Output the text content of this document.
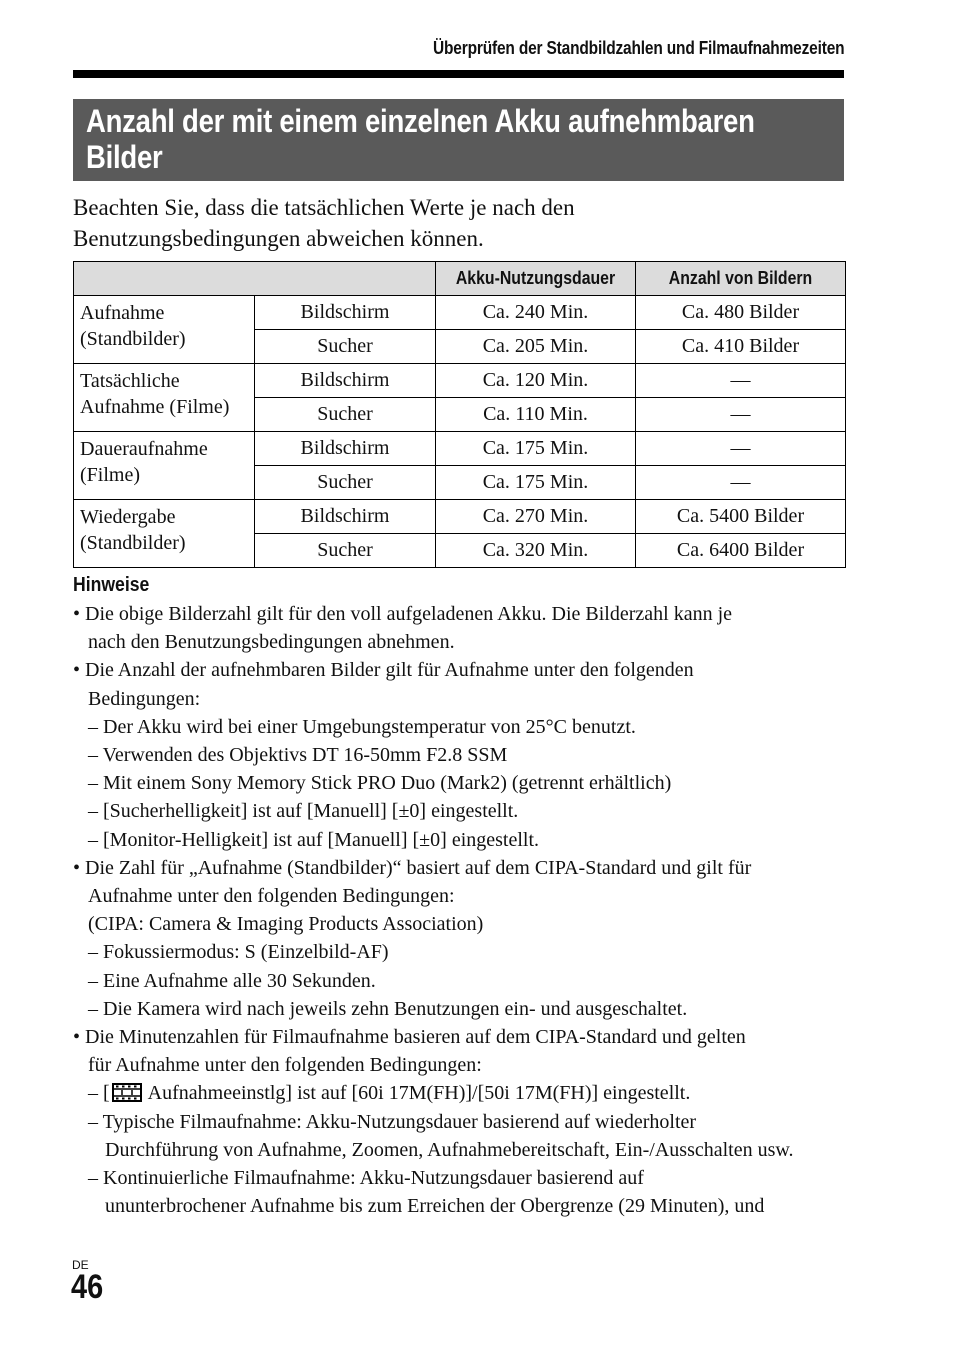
Überprüfen der Standbildzahlen und Filmaufnahmezeiten
Anzahl der mit einem einzelnen Akku aufnehmbaren
Bilder
Beachten Sie, dass die tatsächlichen Werte je nach den
Benutzungsbedingungen abweichen können.
		Akku-Nutzungsdauer	Anzahl von Bildern

Aufnahme
(Standbilder)	Bildschirm	Ca. 240 Min.	Ca. 480 Bilder
	Sucher	Ca. 205 Min.	Ca. 410 Bilder

Tatsächliche
Aufnahme (Filme)	Bildschirm	Ca. 120 Min.	—
	Sucher	Ca. 110 Min.	—

Daueraufnahme
(Filme)	Bildschirm	Ca. 175 Min.	—
	Sucher	Ca. 175 Min.	—

Wiedergabe
(Standbilder)	Bildschirm	Ca. 270 Min.	Ca. 5400 Bilder
	Sucher	Ca. 320 Min.	Ca. 6400 Bilder
Hinweise
• Die obige Bilderzahl gilt für den voll aufgeladenen Akku. Die Bilderzahl kann je
nach den Benutzungsbedingungen abnehmen.
• Die Anzahl der aufnehmbaren Bilder gilt für Aufnahme unter den folgenden
Bedingungen:
– Der Akku wird bei einer Umgebungstemperatur von 25°C benutzt.
– Verwenden des Objektivs DT 16-50mm F2.8 SSM
– Mit einem Sony Memory Stick PRO Duo (Mark2) (getrennt erhältlich)
– [Sucherhelligkeit] ist auf [Manuell] [±0] eingestellt.
– [Monitor-Helligkeit] ist auf [Manuell] [±0] eingestellt.
• Die Zahl für „Aufnahme (Standbilder)“ basiert auf dem CIPA-Standard und gilt für
Aufnahme unter den folgenden Bedingungen:
(CIPA: Camera & Imaging Products Association)
– Fokussiermodus: S (Einzelbild-AF)
– Eine Aufnahme alle 30 Sekunden.
– Die Kamera wird nach jeweils zehn Benutzungen ein- und ausgeschaltet.
• Die Minutenzahlen für Filmaufnahme basieren auf dem CIPA-Standard und gelten
für Aufnahme unter den folgenden Bedingungen:
– [ Aufnahmeeinstlg] ist auf [60i 17M(FH)]/[50i 17M(FH)] eingestellt.
– Typische Filmaufnahme: Akku-Nutzungsdauer basierend auf wiederholter
Durchführung von Aufnahme, Zoomen, Aufnahmebereitschaft, Ein-/Ausschalten usw.
– Kontinuierliche Filmaufnahme: Akku-Nutzungsdauer basierend auf
ununterbrochener Aufnahme bis zum Erreichen der Obergrenze (29 Minuten), und
DE
46
